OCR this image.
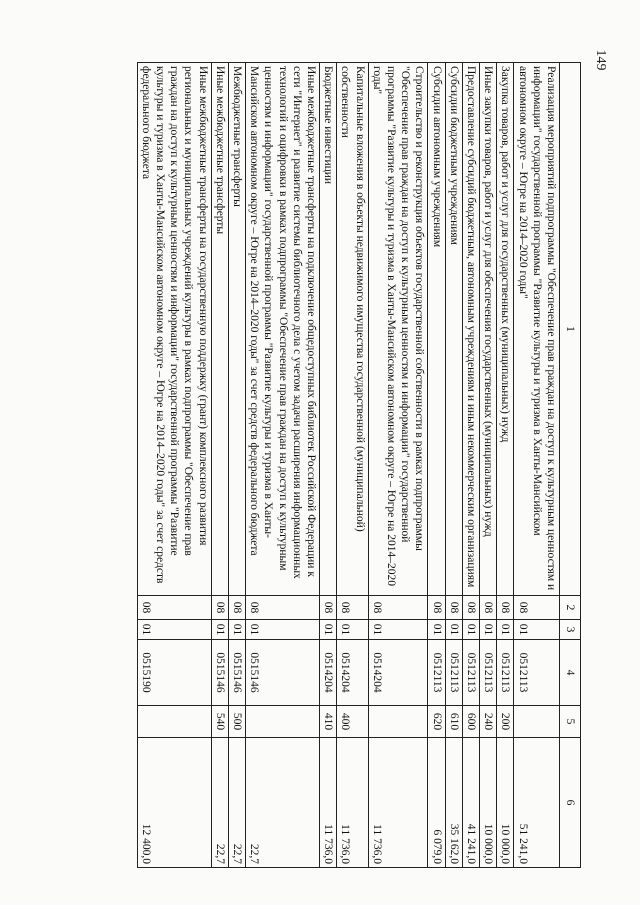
149
1	2	3	4	5	6
Реализация мероприятий подпрограммы "Обеспечение прав граждан на доступ к культурным ценностям и информации" государственной программы "Развитие культуры и туризма в Ханты-Мансийском автономном округе – Югре на 2014–2020 годы"	08	01	0512113		51 241,0
Закупка товаров, работ и услуг для государственных (муниципальных) нужд	08	01	0512113	200	10 000,0
Иные закупки товаров, работ и услуг для обеспечения государственных (муниципальных) нужд	08	01	0512113	240	10 000,0
Предоставление субсидий бюджетным, автономным учреждениям и иным некоммерческим организациям	08	01	0512113	600	41 241,0
Субсидии бюджетным учреждениям	08	01	0512113	610	35 162,0
Субсидии автономным учреждениям	08	01	0512113	620	6 079,0
Строительство и реконструкция объектов государственной собственности в рамках подпрограммы "Обеспечение прав граждан на доступ к культурным ценностям и информации" государственной программы "Развитие культуры и туризма в Ханты-Мансийском автономном округе – Югре на 2014–2020 годы"	08	01	0514204		11 736,0
Капитальные вложения в объекты недвижимого имущества государственной (муниципальной) собственности	08	01	0514204	400	11 736,0
Бюджетные инвестиции	08	01	0514204	410	11 736,0
Иные межбюджетные трансферты на подключение общедоступных библиотек Российской Федерации к сети "Интернет" и развитие системы библиотечного дела с учетом задачи расширения информационных технологий и оцифровки в рамках подпрограммы "Обеспечение прав граждан на доступ к культурным ценностям и информации" государственной программы "Развитие культуры и туризма в Ханты-Мансийском автономном округе – Югре на 2014–2020 годы" за счет средств федерального бюджета	08	01	0515146		22,7
Межбюджетные трансферты	08	01	0515146	500	22,7
Иные межбюджетные трансферты	08	01	0515146	540	22,7
Иные межбюджетные трансферты на государственную поддержку (грант) комплексного развития региональных и муниципальных учреждений культуры в рамках подпрограммы "Обеспечение прав граждан на доступ к культурным ценностям и информации" государственной программы "Развитие культуры и туризма в Ханты-Мансийском автономном округе – Югре на 2014–2020 годы" за счет средств федерального бюджета	08	01	0515190		12 400,0
